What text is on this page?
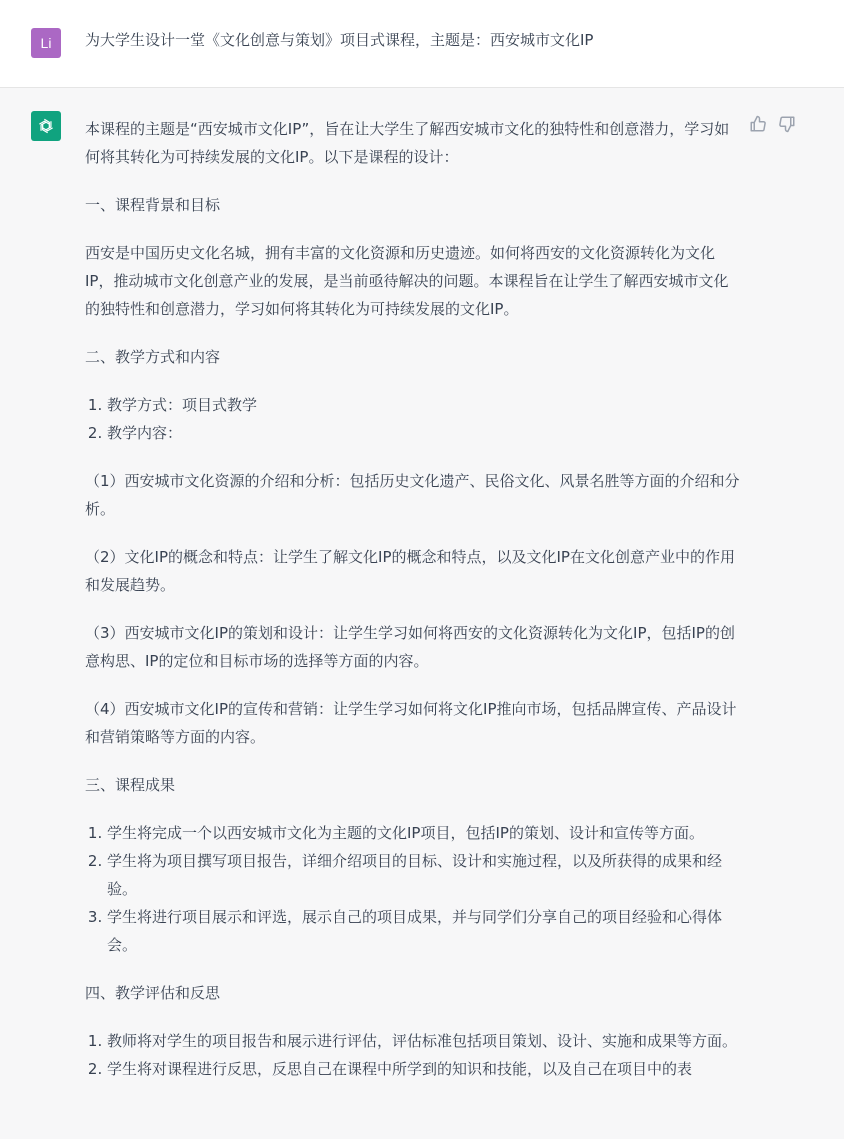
Li	为大学生设计一堂《文化创意与策划》项目式课程，主题是：西安城市文化IP

本课程的主题是“西安城市文化IP”，旨在让大学生了解西安城市文化的独特性和创意潜力，学习如何将其转化为可持续发展的文化IP。以下是课程的设计：

一、课程背景和目标

西安是中国历史文化名城，拥有丰富的文化资源和历史遗迹。如何将西安的文化资源转化为文化IP，推动城市文化创意产业的发展，是当前亟待解决的问题。本课程旨在让学生了解西安城市文化的独特性和创意潜力，学习如何将其转化为可持续发展的文化IP。

二、教学方式和内容

1. 教学方式：项目式教学
2. 教学内容：

（1）西安城市文化资源的介绍和分析：包括历史文化遗产、民俗文化、风景名胜等方面的介绍和分析。

（2）文化IP的概念和特点：让学生了解文化IP的概念和特点，以及文化IP在文化创意产业中的作用和发展趋势。

（3）西安城市文化IP的策划和设计：让学生学习如何将西安的文化资源转化为文化IP，包括IP的创意构思、IP的定位和目标市场的选择等方面的内容。

（4）西安城市文化IP的宣传和营销：让学生学习如何将文化IP推向市场，包括品牌宣传、产品设计和营销策略等方面的内容。

三、课程成果

1. 学生将完成一个以西安城市文化为主题的文化IP项目，包括IP的策划、设计和宣传等方面。
2. 学生将为项目撰写项目报告，详细介绍项目的目标、设计和实施过程，以及所获得的成果和经验。
3. 学生将进行项目展示和评选，展示自己的项目成果，并与同学们分享自己的项目经验和心得体会。

四、教学评估和反思

1. 教师将对学生的项目报告和展示进行评估，评估标准包括项目策划、设计、实施和成果等方面。
2. 学生将对课程进行反思，反思自己在课程中所学到的知识和技能，以及自己在项目中的表
